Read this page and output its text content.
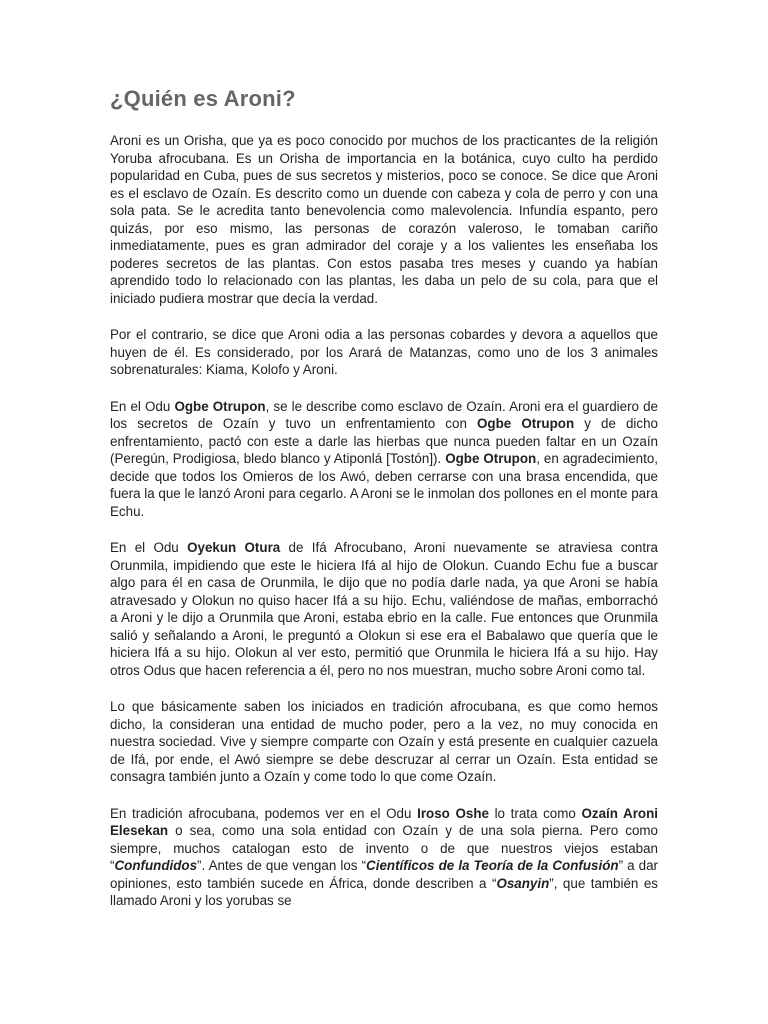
¿Quién es Aroni?

Aroni es un Orisha, que ya es poco conocido por muchos de los practicantes de la religión Yoruba afrocubana. Es un Orisha de importancia en la botánica, cuyo culto ha perdido popularidad en Cuba, pues de sus secretos y misterios, poco se conoce. Se dice que Aroni es el esclavo de Ozaín. Es descrito como un duende con cabeza y cola de perro y con una sola pata. Se le acredita tanto benevolencia como malevolencia. Infundía espanto, pero quizás, por eso mismo, las personas de corazón valeroso, le tomaban cariño inmediatamente, pues es gran admirador del coraje y a los valientes les enseñaba los poderes secretos de las plantas. Con estos pasaba tres meses y cuando ya habían aprendido todo lo relacionado con las plantas, les daba un pelo de su cola, para que el iniciado pudiera mostrar que decía la verdad.

Por el contrario, se dice que Aroni odia a las personas cobardes y devora a aquellos que huyen de él. Es considerado, por los Arará de Matanzas, como uno de los 3 animales sobrenaturales: Kiama, Kolofo y Aroni.

En el Odu Ogbe Otrupon, se le describe como esclavo de Ozaín. Aroni era el guardiero de los secretos de Ozaín y tuvo un enfrentamiento con Ogbe Otrupon y de dicho enfrentamiento, pactó con este a darle las hierbas que nunca pueden faltar en un Ozaín (Peregún, Prodigiosa, bledo blanco y Atiponlá [Tostón]). Ogbe Otrupon, en agradecimiento, decide que todos los Omieros de los Awó, deben cerrarse con una brasa encendida, que fuera la que le lanzó Aroni para cegarlo. A Aroni se le inmolan dos pollones en el monte para Echu.

En el Odu Oyekun Otura de Ifá Afrocubano, Aroni nuevamente se atraviesa contra Orunmila, impidiendo que este le hiciera Ifá al hijo de Olokun. Cuando Echu fue a buscar algo para él en casa de Orunmila, le dijo que no podía darle nada, ya que Aroni se había atravesado y Olokun no quiso hacer Ifá a su hijo. Echu, valiéndose de mañas, emborrachó a Aroni y le dijo a Orunmila que Aroni, estaba ebrio en la calle. Fue entonces que Orunmila salió y señalando a Aroni, le preguntó a Olokun si ese era el Babalawo que quería que le hiciera Ifá a su hijo. Olokun al ver esto, permitió que Orunmila le hiciera Ifá a su hijo. Hay otros Odus que hacen referencia a él, pero no nos muestran, mucho sobre Aroni como tal.

Lo que básicamente saben los iniciados en tradición afrocubana, es que como hemos dicho, la consideran una entidad de mucho poder, pero a la vez, no muy conocida en nuestra sociedad. Vive y siempre comparte con Ozaín y está presente en cualquier cazuela de Ifá, por ende, el Awó siempre se debe descruzar al cerrar un Ozaín. Esta entidad se consagra también junto a Ozaín y come todo lo que come Ozaín.

En tradición afrocubana, podemos ver en el Odu Iroso Oshe lo trata como Ozaín Aroni Elesekan o sea, como una sola entidad con Ozaín y de una sola pierna. Pero como siempre, muchos catalogan esto de invento o de que nuestros viejos estaban “Confundidos”. Antes de que vengan los “Científicos de la Teoría de la Confusión” a dar opiniones, esto también sucede en África, donde describen a “Osanyin”, que también es llamado Aroni y los yorubas se
